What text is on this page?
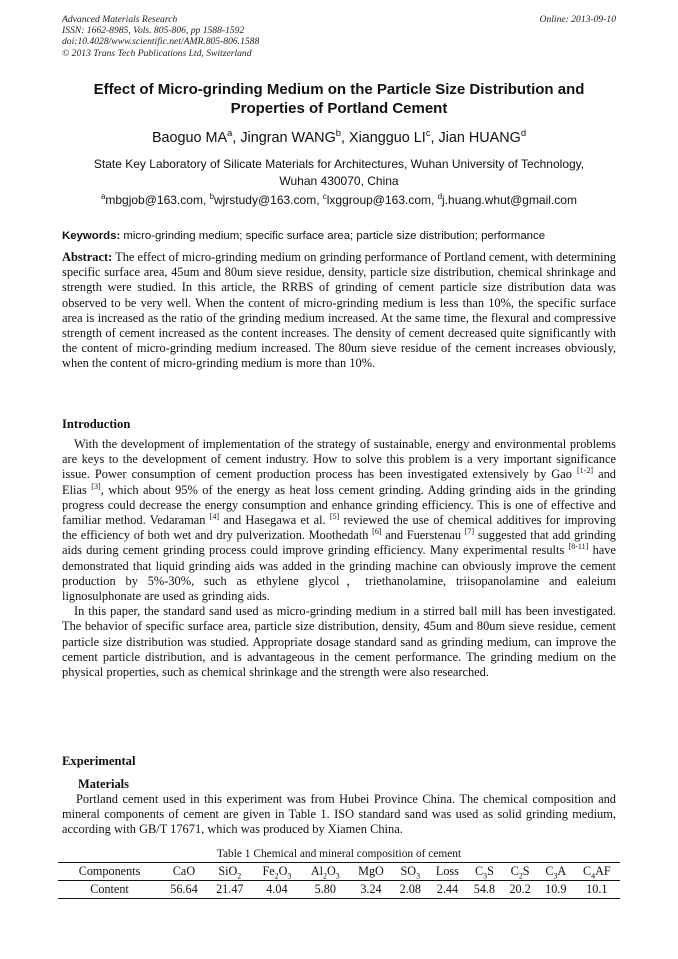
Advanced Materials Research
ISSN: 1662-8985, Vols. 805-806, pp 1588-1592
doi:10.4028/www.scientific.net/AMR.805-806.1588
© 2013 Trans Tech Publications Ltd, Switzerland
Online: 2013-09-10
Effect of Micro-grinding Medium on the Particle Size Distribution and
Properties of Portland Cement
Baoguo $MA^a$, Jingran WANG$^b$, Xiangguo $LI^c$, Jian HUANG$^d$
State Key Laboratory of Silicate Materials for Architectures, Wuhan University of Technology,
Wuhan 430070, China
$^a$mbgjob@163.com, $^b$wjrstudy@163.com, $^c$lxggroup@163.com, $^d$j.huang.whut@gmail.com
Keywords: micro-grinding medium; specific surface area; particle size distribution; performance
Abstract: The effect of micro-grinding medium on grinding performance of Portland cement, with determining specific surface area, 45um and 80um sieve residue, density, particle size distribution, chemical shrinkage and strength were studied. In this article, the RRBS of grinding of cement particle size distribution data was observed to be very well. When the content of micro-grinding medium is less than 10%, the specific surface area is increased as the ratio of the grinding medium increased. At the same time, the flexural and compressive strength of cement increased as the content increases. The density of cement decreased quite significantly with the content of micro-grinding medium increased. The 80um sieve residue of the cement increases obviously, when the content of micro-grinding medium is more than 10%.
Introduction

With the development of implementation of the strategy of sustainable, energy and environmental problems are keys to the development of cement industry. How to solve this problem is a very important significance issue. Power consumption of cement production process has been investigated extensively by Gao [1-2] and Elias [3], which about 95% of the energy as heat loss cement grinding. Adding grinding aids in the grinding progress could decrease the energy consumption and enhance grinding efficiency. This is one of effective and familiar method. Vedaraman [4] and Hasegawa et al. [5] reviewed the use of chemical additives for improving the efficiency of both wet and dry pulverization. Moothedath [6] and Fuerstenau [7] suggested that add grinding aids during cement grinding process could improve grinding efficiency. Many experimental results [8-11] have demonstrated that liquid grinding aids was added in the grinding machine can obviously improve the cement production by 5%-30%, such as ethylene glycol，triethanolamine, triisopanolamine and ealeium lignosulphonate are used as grinding aids.

In this paper, the standard sand used as micro-grinding medium in a stirred ball mill has been investigated. The behavior of specific surface area, particle size distribution, density, 45um and 80um sieve residue, cement particle size distribution was studied. Appropriate dosage standard sand as grinding medium, can improve the cement particle distribution, and is advantageous in the cement performance. The grinding medium on the physical properties, such as chemical shrinkage and the strength were also researched.

Experimental
Materials
Portland cement used in this experiment was from Hubei Province China. The chemical composition and mineral components of cement are given in Table 1. ISO standard sand was used as solid grinding medium, according with GB/T 17671, which was produced by Xiamen China.
Table 1 Chemical and mineral composition of cement
Components	CaO	SiO$_2$	$Fe_2O_3$	$Al_2O_3$	MgO	$SO_3$	Loss	$C_3S$	$C_2S$	$C_3A$	$C_4AF$
Content	56.64	21.47	4.04	5.80	3.24	2.08	2.44	54.8	20.2	10.9	10.1
